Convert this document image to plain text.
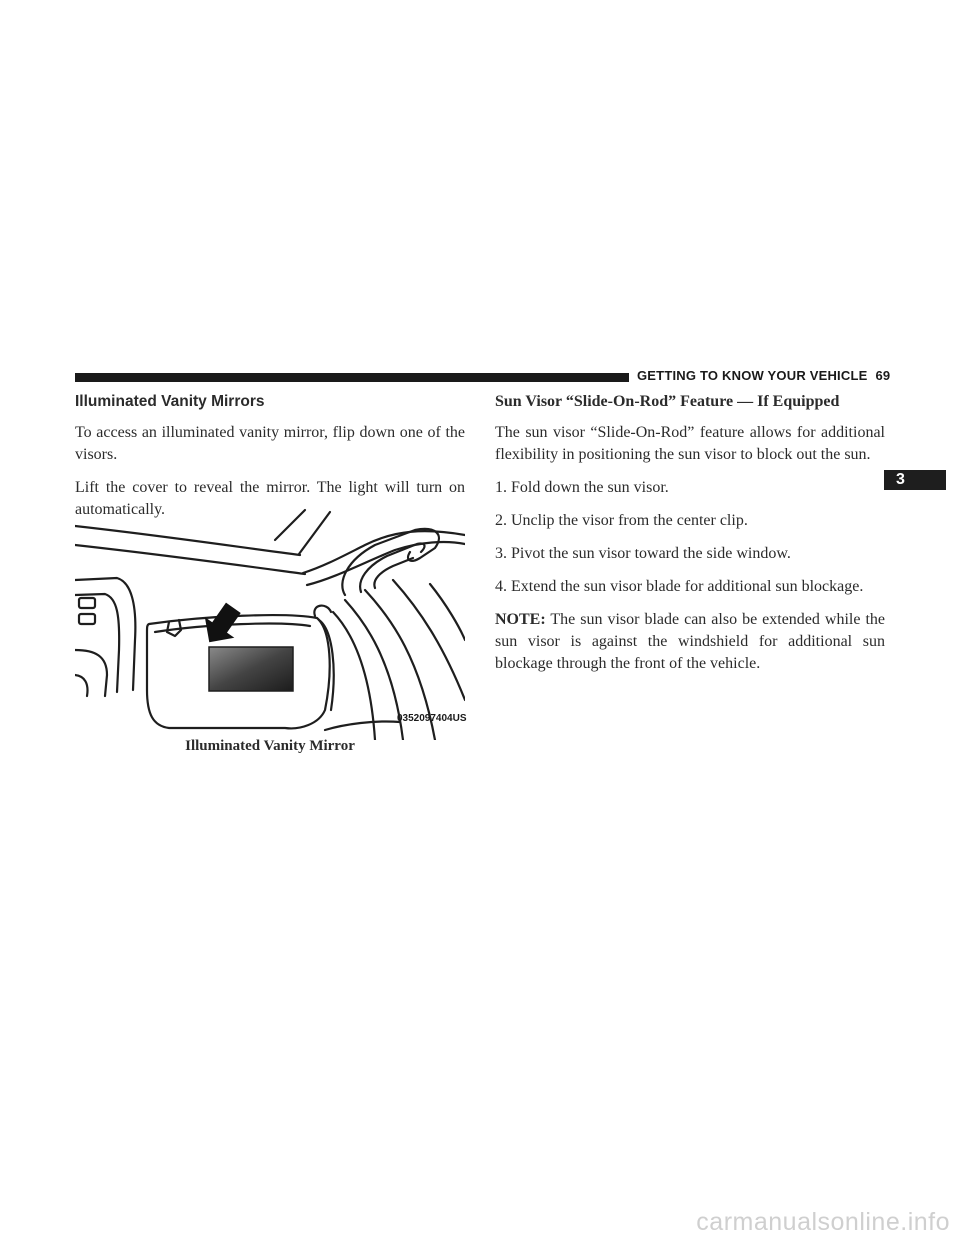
GETTING TO KNOW YOUR VEHICLE 69
3
Illuminated Vanity Mirrors

To access an illuminated vanity mirror, flip down one of the visors.

Lift the cover to reveal the mirror. The light will turn on automatically.

0352097404US
Illuminated Vanity Mirror
Sun Visor “Slide-On-Rod” Feature — If Equipped

The sun visor “Slide-On-Rod” feature allows for additional flexibility in positioning the sun visor to block out the sun.

1. Fold down the sun visor.

2. Unclip the visor from the center clip.

3. Pivot the sun visor toward the side window.

4. Extend the sun visor blade for additional sun blockage.

NOTE: The sun visor blade can also be extended while the sun visor is against the windshield for additional sun blockage through the front of the vehicle.

carmanualsonline.info
